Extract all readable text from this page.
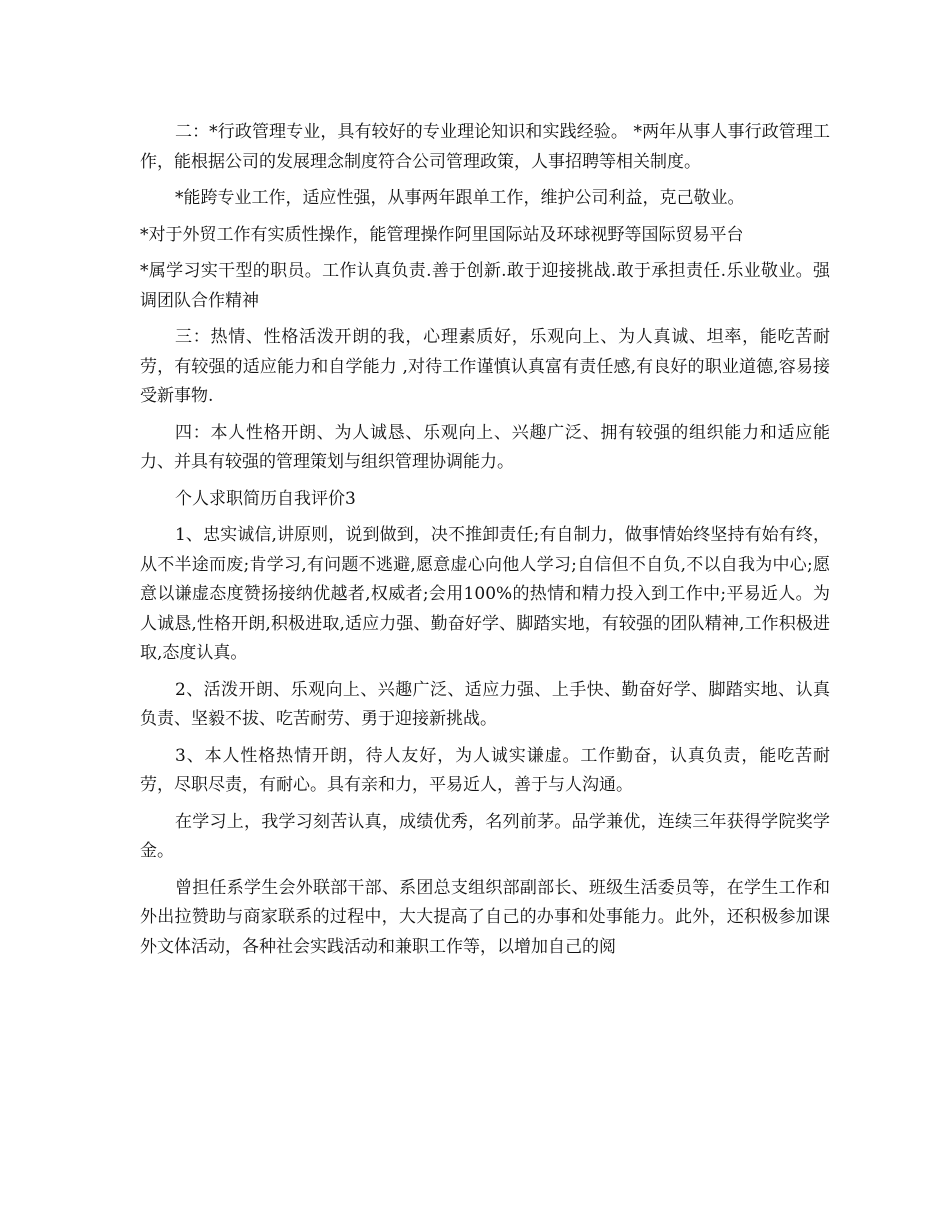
二：*行政管理专业，具有较好的专业理论知识和实践经验。 *两年从事人事行政管理工作，能根据公司的发展理念制度符合公司管理政策，人事招聘等相关制度。

*能跨专业工作，适应性强，从事两年跟单工作，维护公司利益，克己敬业。

*对于外贸工作有实质性操作，能管理操作阿里国际站及环球视野等国际贸易平台

*属学习实干型的职员。工作认真负责.善于创新.敢于迎接挑战.敢于承担责任.乐业敬业。强调团队合作精神

三：热情、性格活泼开朗的我，心理素质好，乐观向上、为人真诚、坦率，能吃苦耐劳，有较强的适应能力和自学能力 ,对待工作谨慎认真富有责任感,有良好的职业道德,容易接受新事物.

四：本人性格开朗、为人诚恳、乐观向上、兴趣广泛、拥有较强的组织能力和适应能力、并具有较强的管理策划与组织管理协调能力。

个人求职简历自我评价3

1、忠实诚信,讲原则，说到做到，决不推卸责任;有自制力，做事情始终坚持有始有终，从不半途而废;肯学习,有问题不逃避,愿意虚心向他人学习;自信但不自负,不以自我为中心;愿意以谦虚态度赞扬接纳优越者,权威者;会用100%的热情和精力投入到工作中;平易近人。为人诚恳,性格开朗,积极进取,适应力强、勤奋好学、脚踏实地，有较强的团队精神,工作积极进取,态度认真。

2、活泼开朗、乐观向上、兴趣广泛、适应力强、上手快、勤奋好学、脚踏实地、认真负责、坚毅不拔、吃苦耐劳、勇于迎接新挑战。

3、本人性格热情开朗，待人友好，为人诚实谦虚。工作勤奋，认真负责，能吃苦耐劳，尽职尽责，有耐心。具有亲和力，平易近人，善于与人沟通。

在学习上，我学习刻苦认真，成绩优秀，名列前茅。品学兼优，连续三年获得学院奖学金。

曾担任系学生会外联部干部、系团总支组织部副部长、班级生活委员等，在学生工作和外出拉赞助与商家联系的过程中，大大提高了自己的办事和处事能力。此外，还积极参加课外文体活动，各种社会实践活动和兼职工作等，以增加自己的阅
